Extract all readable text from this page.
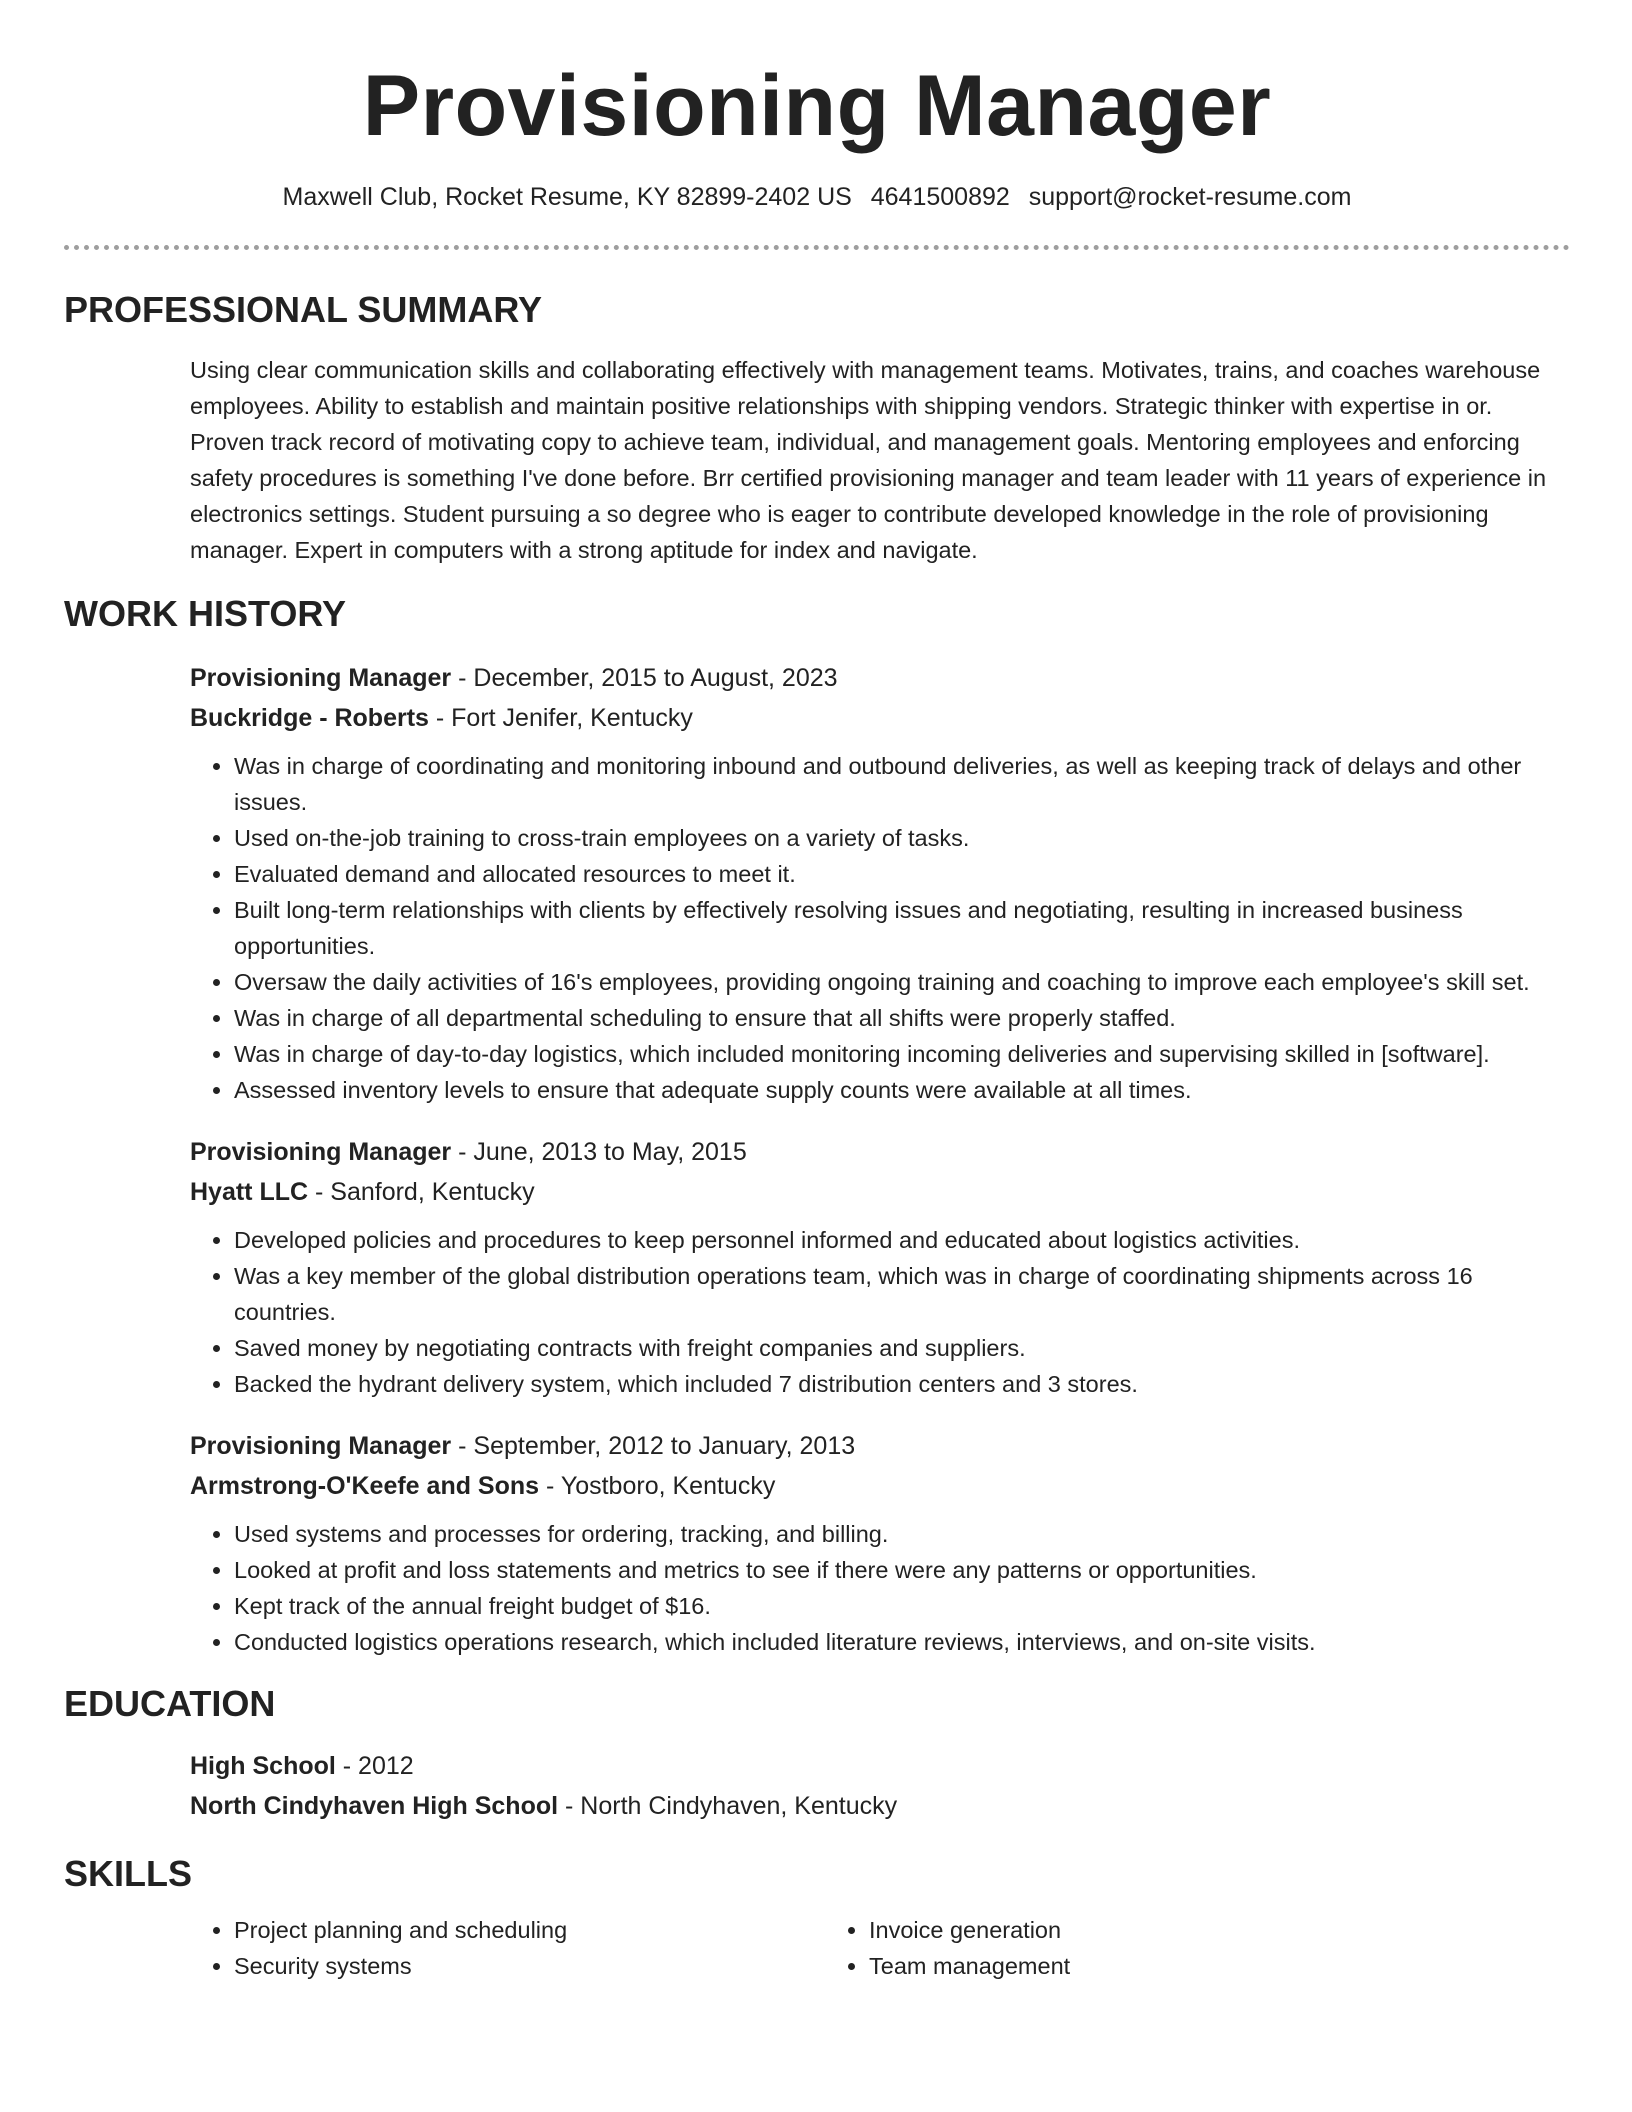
Provisioning Manager
Maxwell Club, Rocket Resume, KY 82899-2402 US 4641500892 support@rocket-resume.com
PROFESSIONAL SUMMARY
Using clear communication skills and collaborating effectively with management teams. Motivates, trains, and coaches warehouse employees. Ability to establish and maintain positive relationships with shipping vendors. Strategic thinker with expertise in or. Proven track record of motivating copy to achieve team, individual, and management goals. Mentoring employees and enforcing safety procedures is something I've done before. Brr certified provisioning manager and team leader with 11 years of experience in electronics settings. Student pursuing a so degree who is eager to contribute developed knowledge in the role of provisioning manager. Expert in computers with a strong aptitude for index and navigate.
WORK HISTORY
Provisioning Manager - December, 2015 to August, 2023
Buckridge - Roberts - Fort Jenifer, Kentucky
• Was in charge of coordinating and monitoring inbound and outbound deliveries, as well as keeping track of delays and other issues.
• Used on-the-job training to cross-train employees on a variety of tasks.
• Evaluated demand and allocated resources to meet it.
• Built long-term relationships with clients by effectively resolving issues and negotiating, resulting in increased business opportunities.
• Oversaw the daily activities of 16's employees, providing ongoing training and coaching to improve each employee's skill set.
• Was in charge of all departmental scheduling to ensure that all shifts were properly staffed.
• Was in charge of day-to-day logistics, which included monitoring incoming deliveries and supervising skilled in [software].
• Assessed inventory levels to ensure that adequate supply counts were available at all times.
Provisioning Manager - June, 2013 to May, 2015
Hyatt LLC - Sanford, Kentucky
• Developed policies and procedures to keep personnel informed and educated about logistics activities.
• Was a key member of the global distribution operations team, which was in charge of coordinating shipments across 16 countries.
• Saved money by negotiating contracts with freight companies and suppliers.
• Backed the hydrant delivery system, which included 7 distribution centers and 3 stores.
Provisioning Manager - September, 2012 to January, 2013
Armstrong-O'Keefe and Sons - Yostboro, Kentucky
• Used systems and processes for ordering, tracking, and billing.
• Looked at profit and loss statements and metrics to see if there were any patterns or opportunities.
• Kept track of the annual freight budget of $16.
• Conducted logistics operations research, which included literature reviews, interviews, and on-site visits.
EDUCATION
High School - 2012
North Cindyhaven High School - North Cindyhaven, Kentucky
SKILLS
• Project planning and scheduling
• Security systems
• Invoice generation
• Team management
